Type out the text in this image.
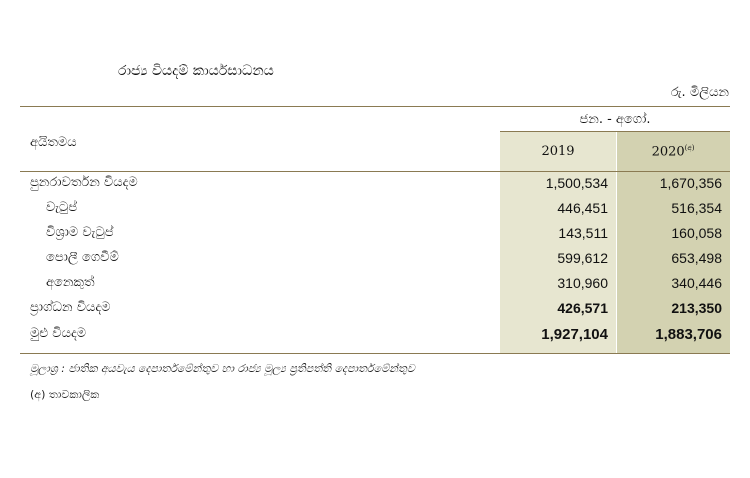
රාජ්‍ය වියදම් කාර්යසාධනය
රු. මිලියන
අයිතමය
ජන. - අගෝ.
2019	$2020^{(අ)}$
පුනරාවර්තන වියදම	1,500,534	1,670,356
වැටුප්	446,451	516,354
විශ්‍රාම වැටුප්	143,511	160,058
පොලී ගෙවීම්	599,612	653,498
අනෙකුත්	310,960	340,446
ප්‍රාග්ධන වියදම	426,571	213,350
මුළු වියදම	1,927,104	1,883,706
මූලාශ්‍ර : ජාතික අයවැය දෙපාර්තමේන්තුව හා රාජ්‍ය මූල්‍ය ප්‍රතිපත්ති දෙපාර්තමේන්තුව
(අ) තාවකාලික
